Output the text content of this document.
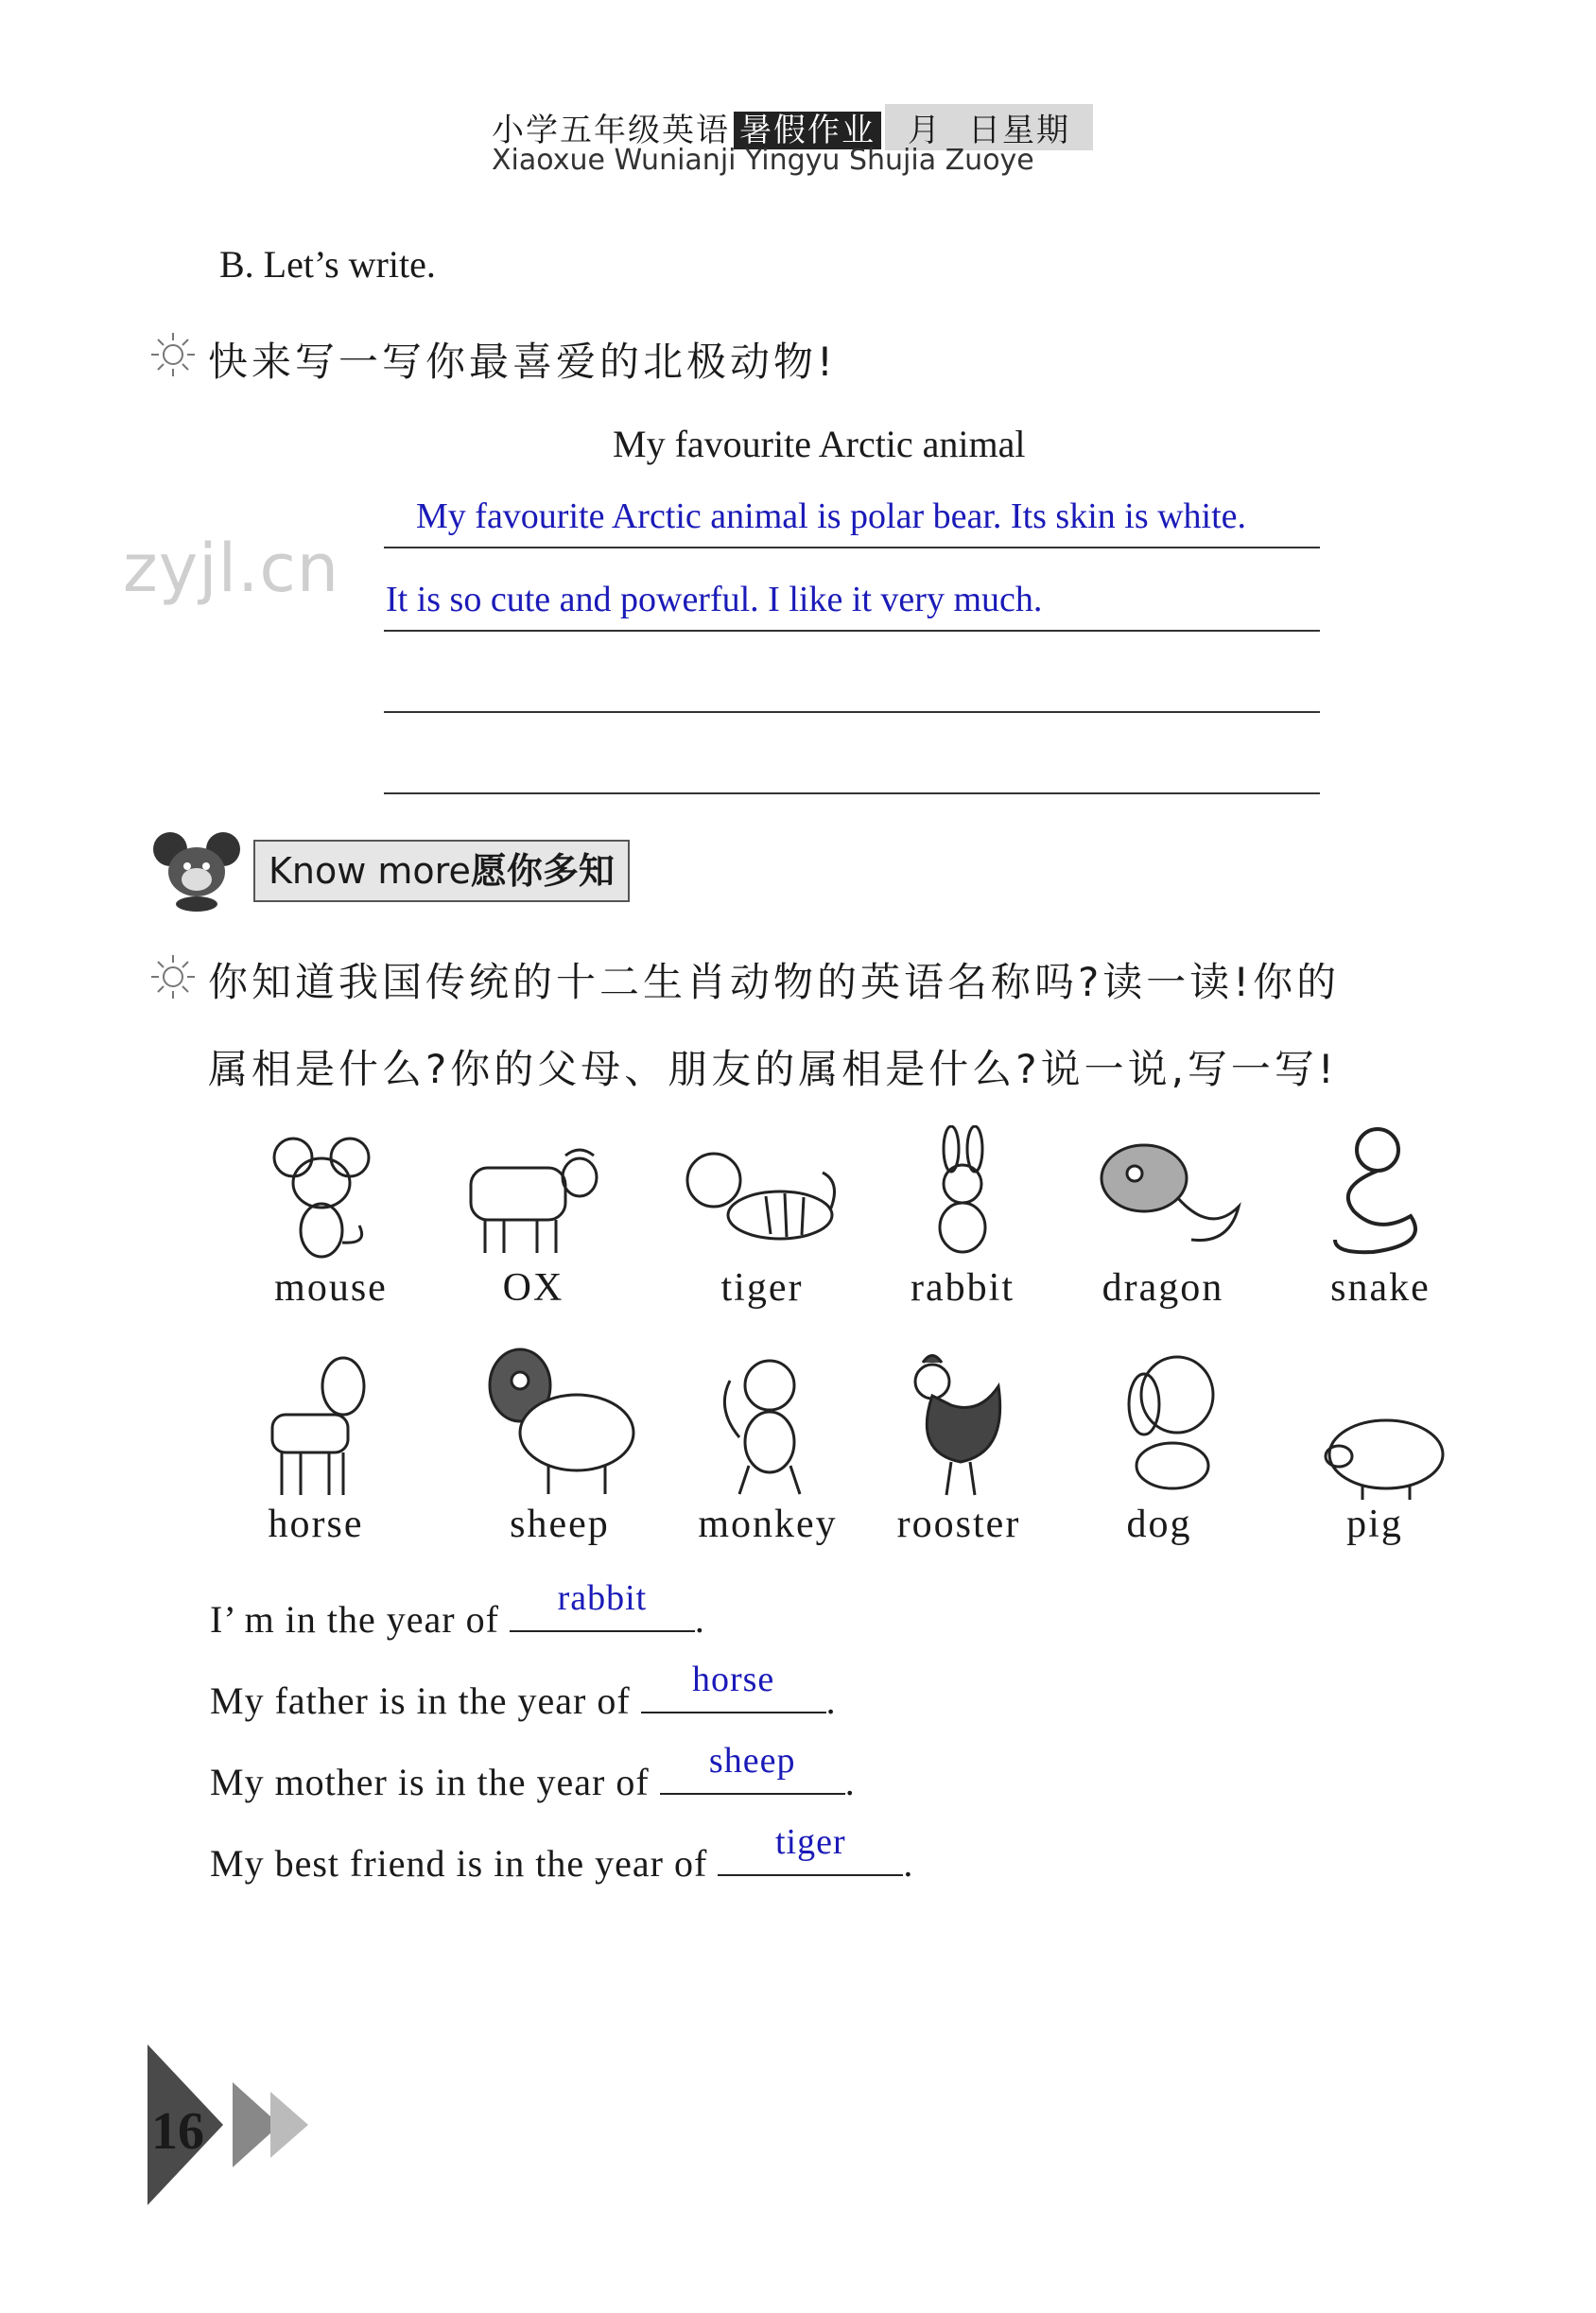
小学五年级英语 暑假作业 月 日星期
Xiaoxue Wunianji Yingyu Shujia Zuoye
B. Let’s write.
快来写一写你最喜爱的北极动物!
My favourite Arctic animal
My favourite Arctic animal is polar bear. Its skin is white.
It is so cute and powerful. I like it very much.
zyjl.cn
Know more愿你多知
你知道我国传统的十二生肖动物的英语名称吗?读一读!你的
属相是什么?你的父母、朋友的属相是什么?说一说,写一写!
mouse	OX	tiger	rabbit	dragon	snake
horse	sheep	monkey	rooster	dog	pig
I’ m in the year of	rabbit	.
My father is in the year of	horse	.
My mother is in the year of	sheep	.
My best friend is in the year of	tiger	.
16
